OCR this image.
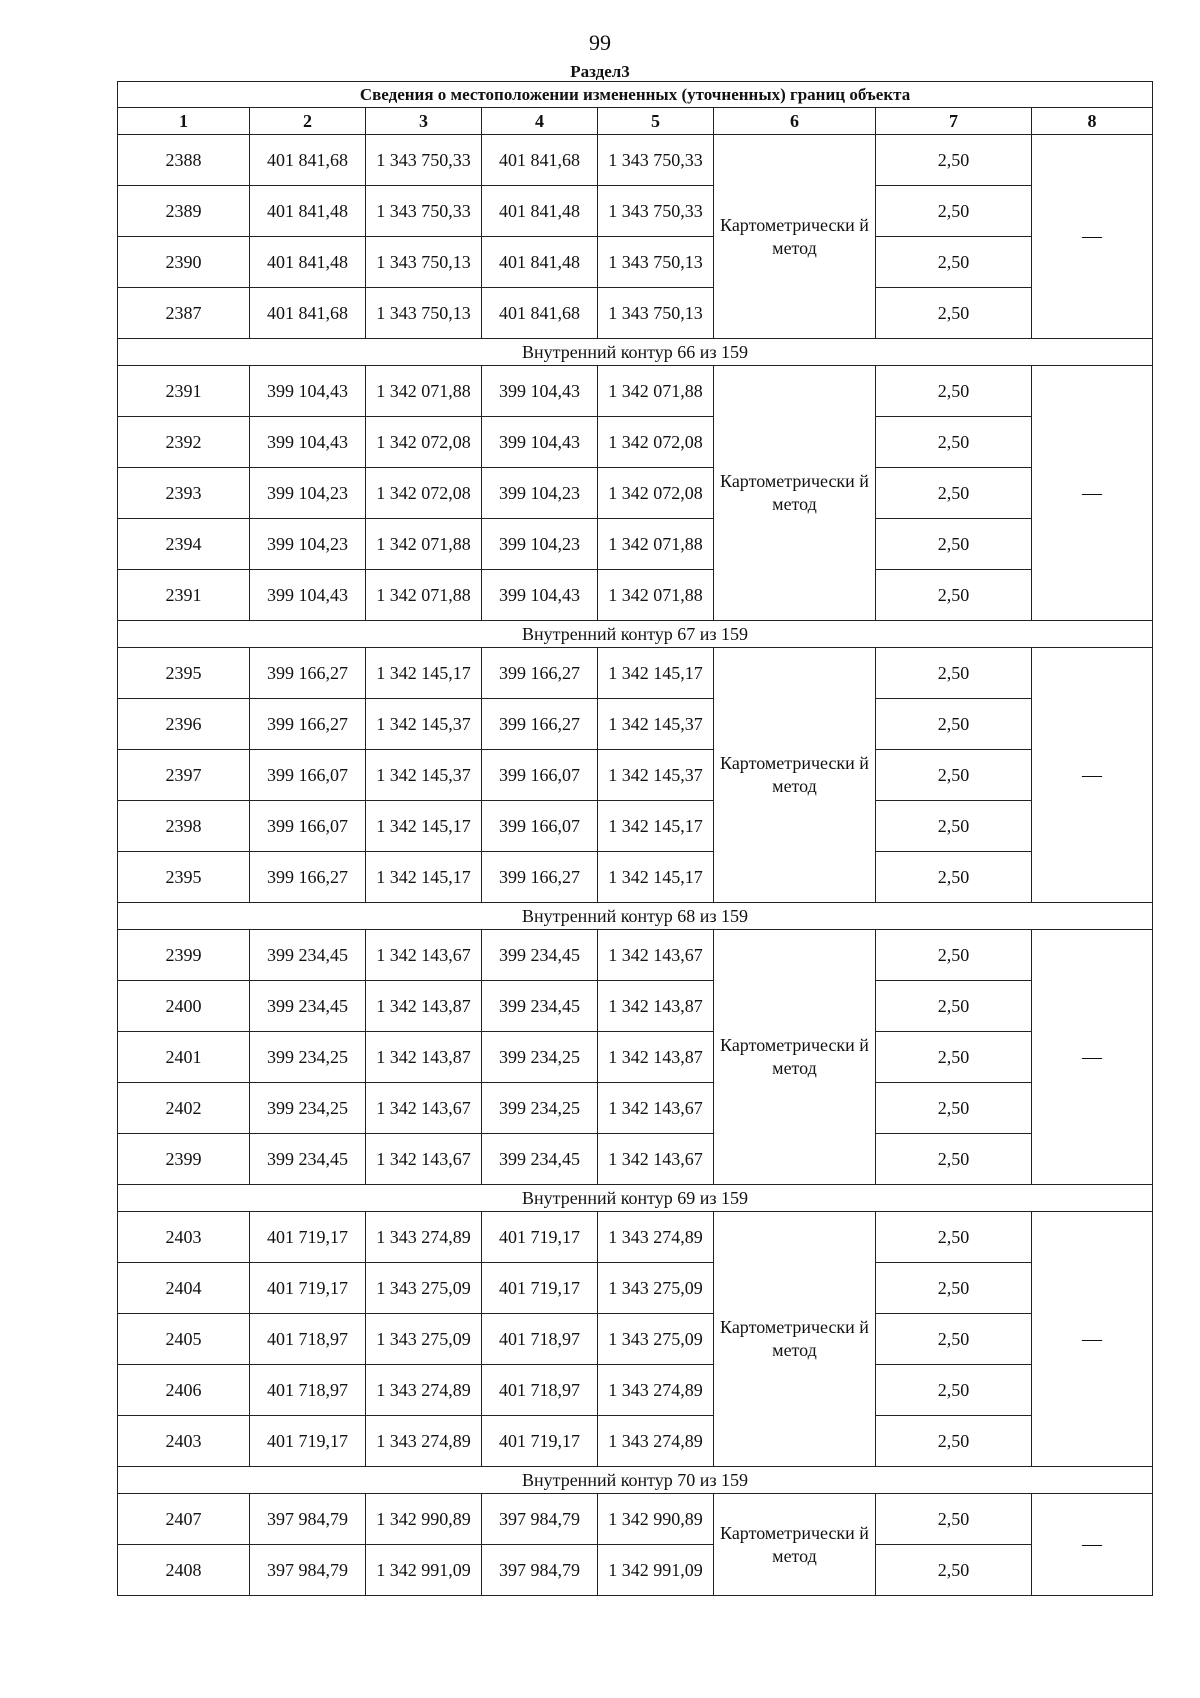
99
Раздел3
Сведения о местоположении измененных (уточненных) границ объекта							
1	2	3	4	5	6	7	8
2388	401 841,68	1 343 750,33	401 841,68	1 343 750,33	Картометрически й метод	2,50	—
2389	401 841,48	1 343 750,33	401 841,48	1 343 750,33		2,50	
2390	401 841,48	1 343 750,13	401 841,48	1 343 750,13		2,50	
2387	401 841,68	1 343 750,13	401 841,68	1 343 750,13		2,50	
Внутренний контур 66 из 159							
2391	399 104,43	1 342 071,88	399 104,43	1 342 071,88	Картометрически й метод	2,50	—
2392	399 104,43	1 342 072,08	399 104,43	1 342 072,08		2,50	
2393	399 104,23	1 342 072,08	399 104,23	1 342 072,08		2,50	
2394	399 104,23	1 342 071,88	399 104,23	1 342 071,88		2,50	
2391	399 104,43	1 342 071,88	399 104,43	1 342 071,88		2,50	
Внутренний контур 67 из 159							
2395	399 166,27	1 342 145,17	399 166,27	1 342 145,17	Картометрически й метод	2,50	—
2396	399 166,27	1 342 145,37	399 166,27	1 342 145,37		2,50	
2397	399 166,07	1 342 145,37	399 166,07	1 342 145,37		2,50	
2398	399 166,07	1 342 145,17	399 166,07	1 342 145,17		2,50	
2395	399 166,27	1 342 145,17	399 166,27	1 342 145,17		2,50	
Внутренний контур 68 из 159							
2399	399 234,45	1 342 143,67	399 234,45	1 342 143,67	Картометрически й метод	2,50	—
2400	399 234,45	1 342 143,87	399 234,45	1 342 143,87		2,50	
2401	399 234,25	1 342 143,87	399 234,25	1 342 143,87		2,50	
2402	399 234,25	1 342 143,67	399 234,25	1 342 143,67		2,50	
2399	399 234,45	1 342 143,67	399 234,45	1 342 143,67		2,50	
Внутренний контур 69 из 159							
2403	401 719,17	1 343 274,89	401 719,17	1 343 274,89	Картометрически й метод	2,50	—
2404	401 719,17	1 343 275,09	401 719,17	1 343 275,09		2,50	
2405	401 718,97	1 343 275,09	401 718,97	1 343 275,09		2,50	
2406	401 718,97	1 343 274,89	401 718,97	1 343 274,89		2,50	
2403	401 719,17	1 343 274,89	401 719,17	1 343 274,89		2,50	
Внутренний контур 70 из 159							
2407	397 984,79	1 342 990,89	397 984,79	1 342 990,89	Картометрически й метод	2,50	—
2408	397 984,79	1 342 991,09	397 984,79	1 342 991,09		2,50	
